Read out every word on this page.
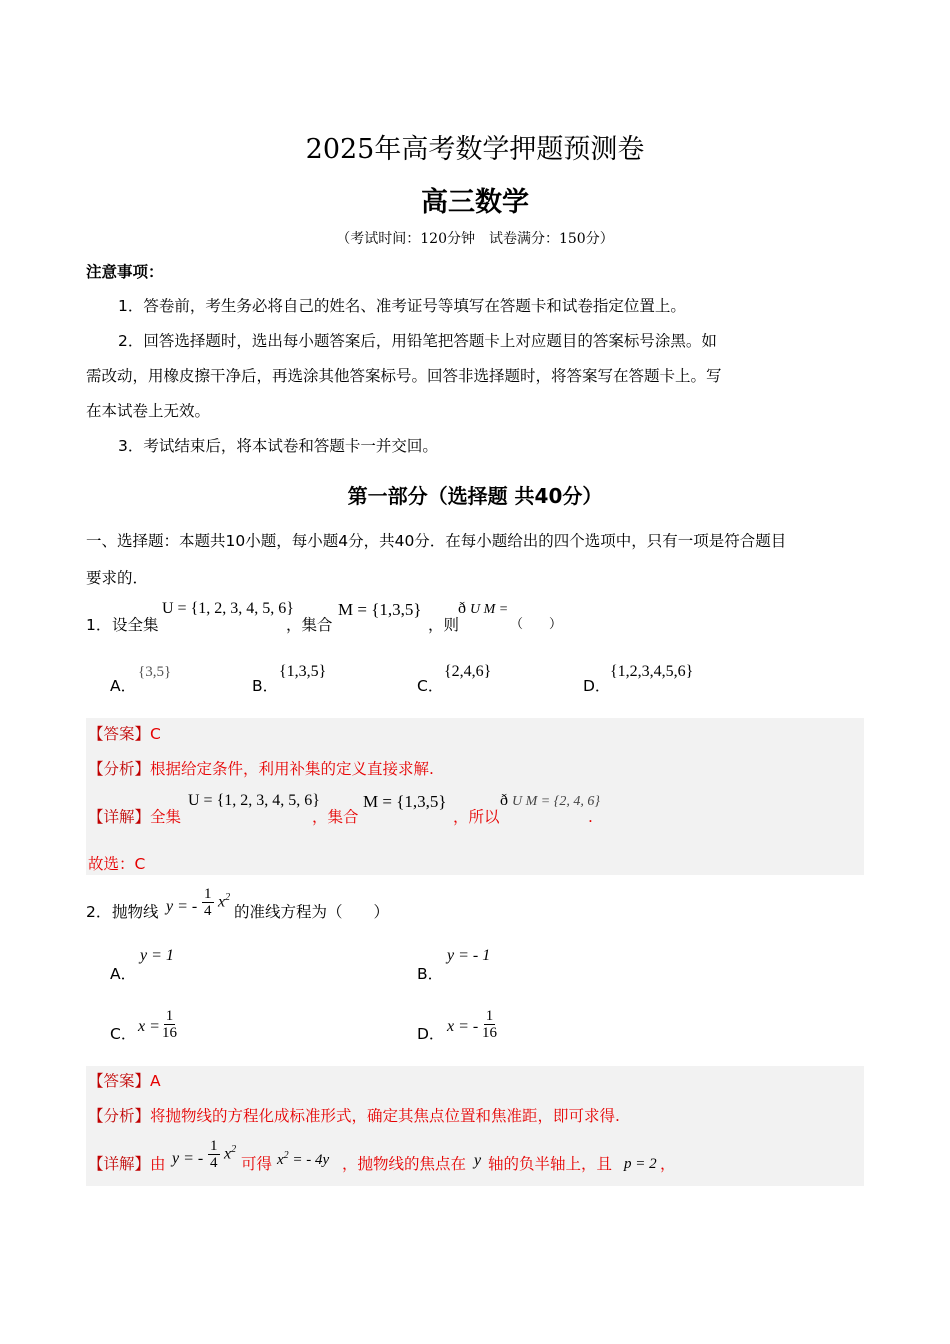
2025年高考数学押题预测卷
高三数学
（考试时间：120分钟　试卷满分：150分）
注意事项：
1．答卷前，考生务必将自己的姓名、准考证号等填写在答题卡和试卷指定位置上。
2．回答选择题时，选出每小题答案后，用铅笔把答题卡上对应题目的答案标号涂黑。如
需改动，用橡皮擦干净后，再选涂其他答案标号。回答非选择题时，将答案写在答题卡上。写
在本试卷上无效。
3．考试结束后，将本试卷和答题卡一并交回。
第一部分（选择题 共40分）
一、选择题：本题共10小题，每小题4分，共40分．在每小题给出的四个选项中，只有一项是符合题目
要求的．
1． 设全集
U = {1, 2, 3, 4, 5, 6}
，集合
M = {1,3,5}
，则
ð U M =
（　　）
A．
{3,5}
B．
{1,3,5}
C．
{2,4,6}
D．
{1,2,3,4,5,6}
【答案】C
【分析】根据给定条件，利用补集的定义直接求解.
【详解】全集
U = {1, 2, 3, 4, 5, 6}
，集合
M = {1,3,5}
，所以
ð U M = {2, 4, 6}
.
故选：C
2． 抛物线 y = - $\frac{1}{4} x^2$
的准线方程为（　　）
A．
y = 1
B．
y = - 1
C． $x = \frac{1}{16}$	D． x = - $\frac{1}{16}$
【答案】A
【分析】将抛物线的方程化成标准形式，确定其焦点位置和焦准距，即可求得.
【详解】由 y = - $\frac{1}{4} x^2$
可得 $x^2$ = - 4y ，抛物线的焦点在 y 轴的负半轴上，且 p = 2 ，
